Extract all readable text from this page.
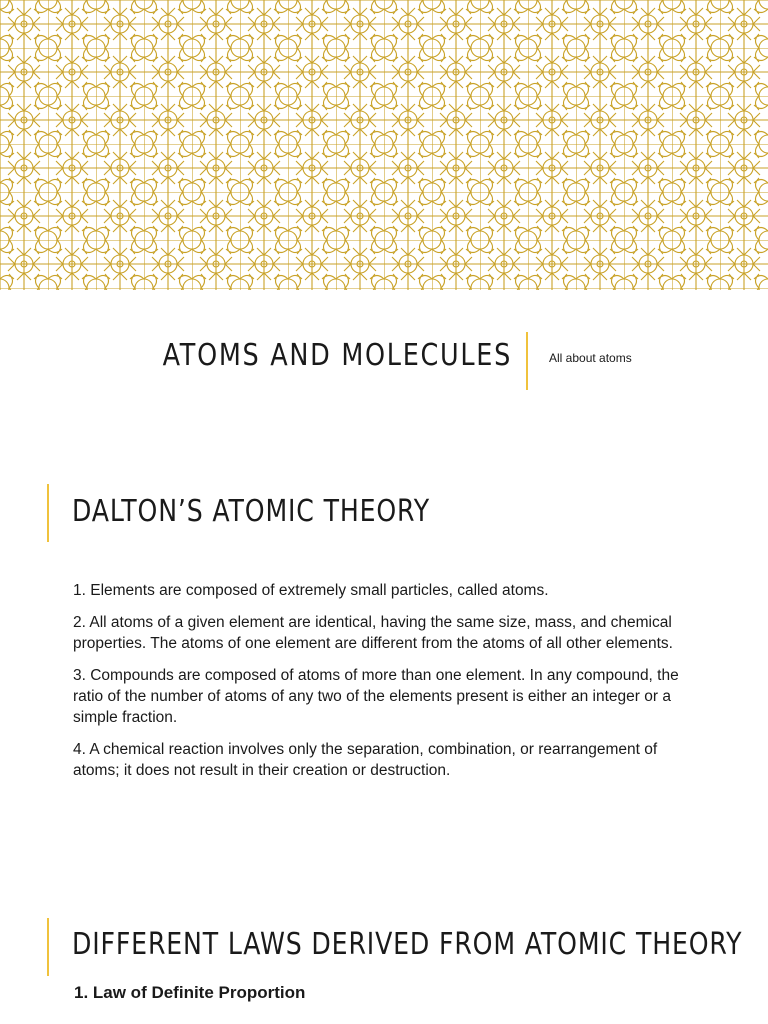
ATOMS AND MOLECULES	All about atoms
DALTON’S ATOMIC THEORY

1. Elements are composed of extremely small particles, called atoms.

2. All atoms of a given element are identical, having the same size, mass, and chemical properties. The atoms of one element are different from the atoms of all other elements.

3. Compounds are composed of atoms of more than one element. In any compound, the ratio of the number of atoms of any two of the elements present is either an integer or a simple fraction.

4. A chemical reaction involves only the separation, combination, or rearrangement of atoms; it does not result in their creation or destruction.

DIFFERENT LAWS DERIVED FROM ATOMIC THEORY
1. Law of Definite Proportion
